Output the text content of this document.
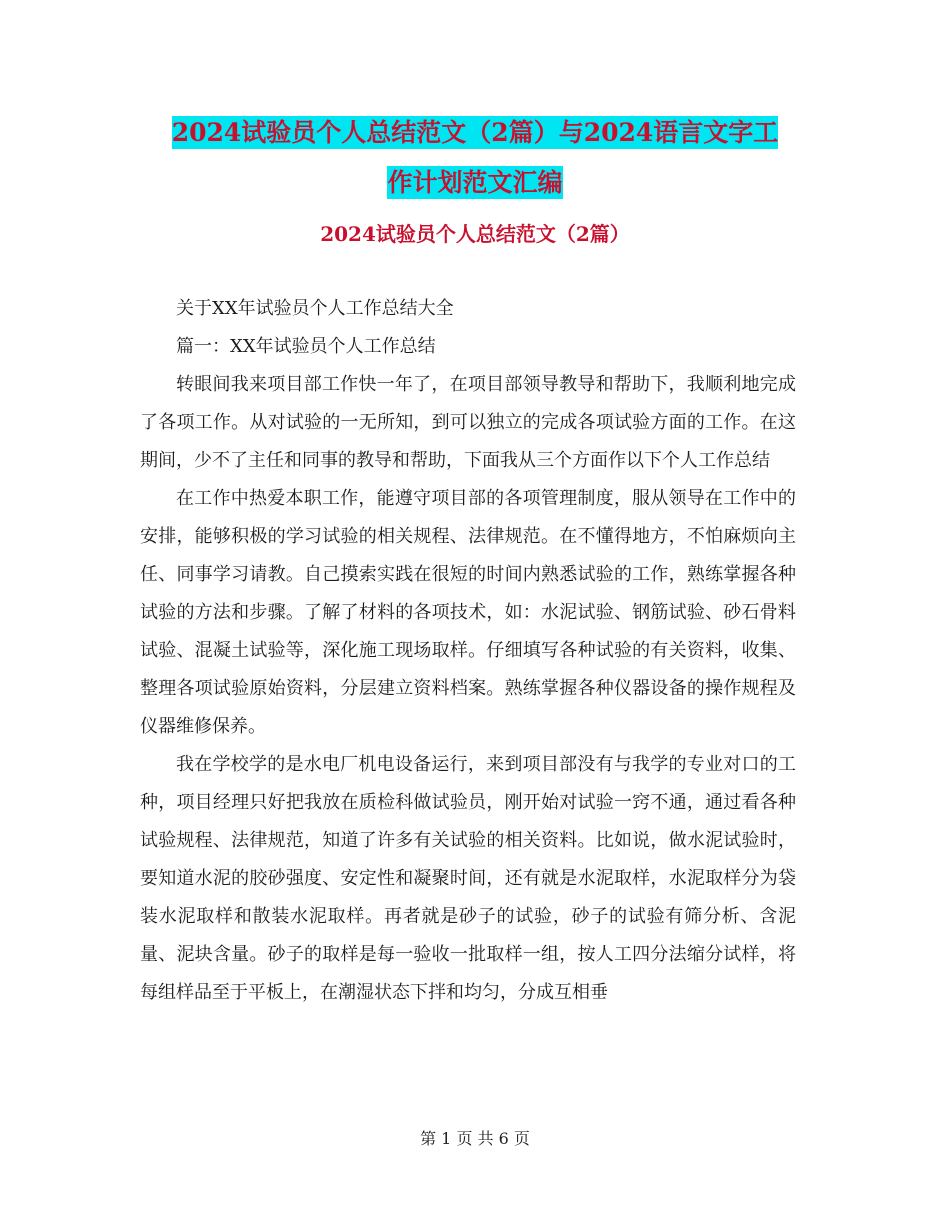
2024试验员个人总结范文（2篇）与2024语言文字工
作计划范文汇编
2024试验员个人总结范文（2篇）

关于XX年试验员个人工作总结大全

篇一：XX年试验员个人工作总结

转眼间我来项目部工作快一年了，在项目部领导教导和帮助下，我顺利地完成了各项工作。从对试验的一无所知，到可以独立的完成各项试验方面的工作。在这期间，少不了主任和同事的教导和帮助，下面我从三个方面作以下个人工作总结

在工作中热爱本职工作，能遵守项目部的各项管理制度，服从领导在工作中的安排，能够积极的学习试验的相关规程、法律规范。在不懂得地方，不怕麻烦向主任、同事学习请教。自己摸索实践在很短的时间内熟悉试验的工作，熟练掌握各种试验的方法和步骤。了解了材料的各项技术，如：水泥试验、钢筋试验、砂石骨料试验、混凝土试验等，深化施工现场取样。仔细填写各种试验的有关资料，收集、整理各项试验原始资料，分层建立资料档案。熟练掌握各种仪器设备的操作规程及仪器维修保养。

我在学校学的是水电厂机电设备运行，来到项目部没有与我学的专业对口的工种，项目经理只好把我放在质检科做试验员，刚开始对试验一窍不通，通过看各种试验规程、法律规范，知道了许多有关试验的相关资料。比如说，做水泥试验时，要知道水泥的胶砂强度、安定性和凝聚时间，还有就是水泥取样，水泥取样分为袋装水泥取样和散装水泥取样。再者就是砂子的试验，砂子的试验有筛分析、含泥量、泥块含量。砂子的取样是每一验收一批取样一组，按人工四分法缩分试样，将每组样品至于平板上，在潮湿状态下拌和均匀，分成互相垂

第 1 页 共 6 页
